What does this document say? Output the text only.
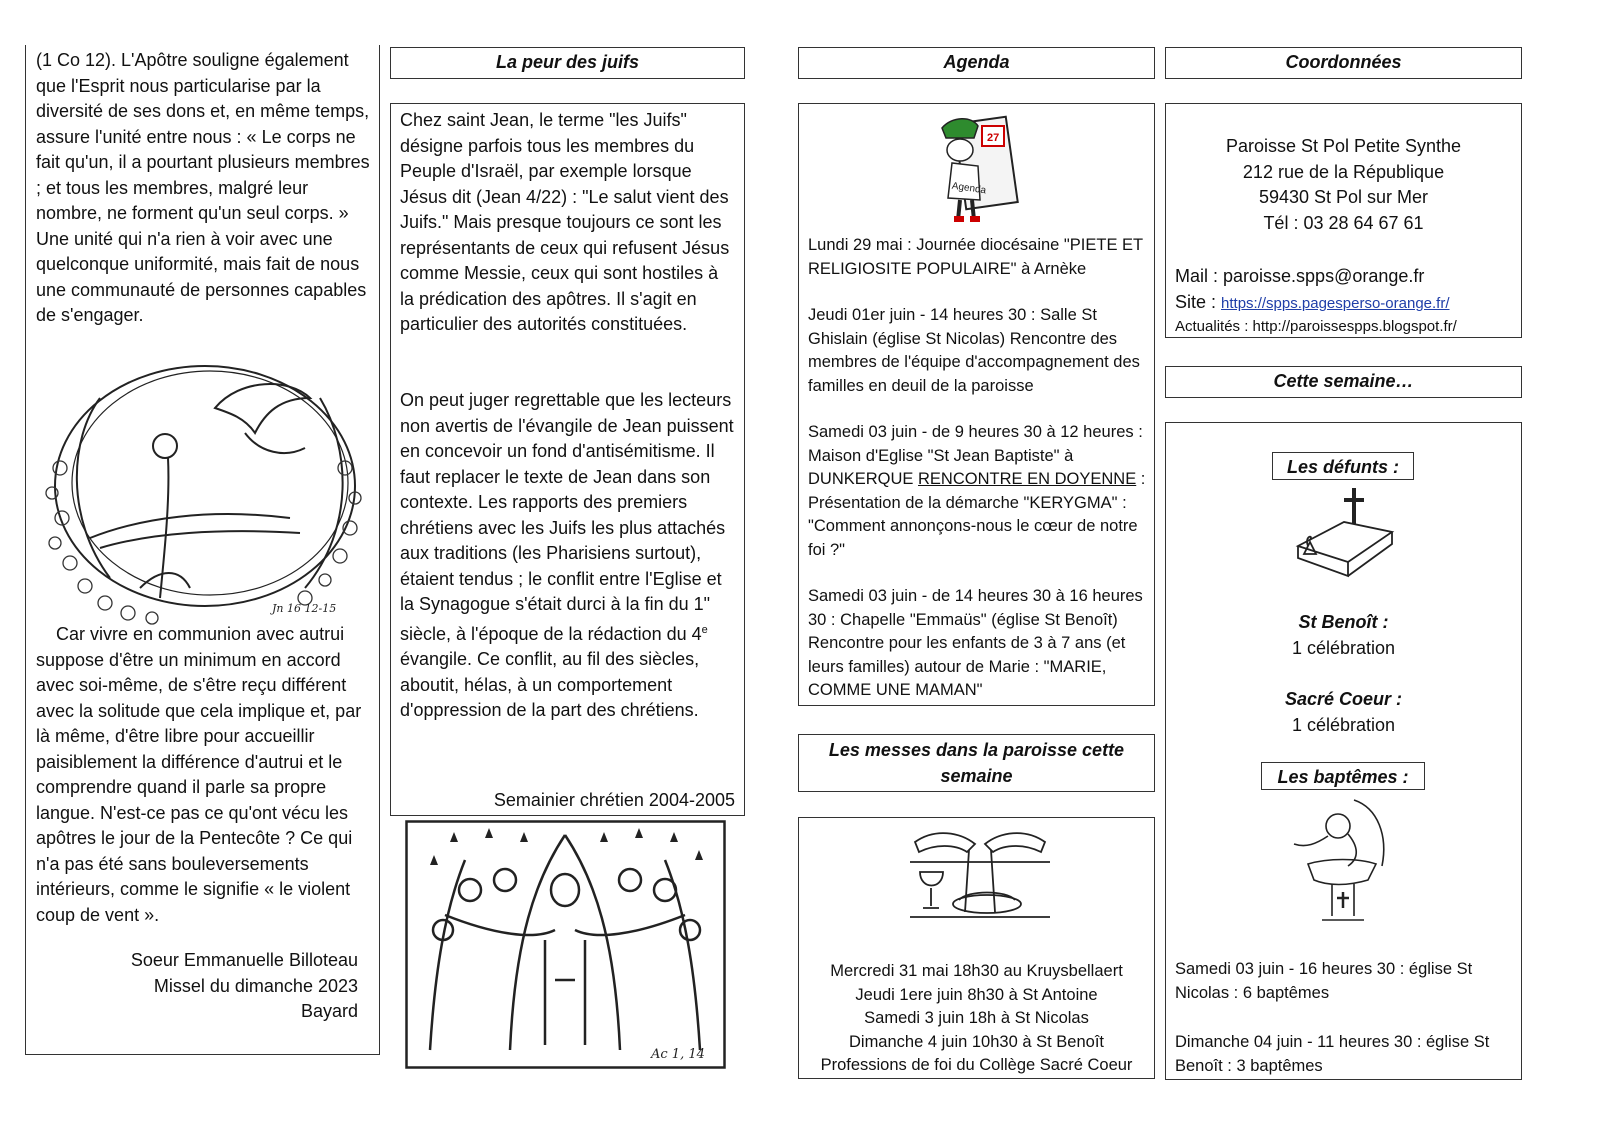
(1 Co 12). L'Apôtre souligne également que l'Esprit nous particularise par la diversité de ses dons et, en même temps, assure l'unité entre nous : « Le corps ne fait qu'un, il a pourtant plusieurs membres ; et tous les membres, malgré leur nombre, ne forment qu'un seul corps. » Une unité qui n'a rien à voir avec une quelconque uniformité, mais fait de nous une communauté de personnes capables de s'engager.
Jn 16 12-15
Car vivre en communion avec autrui suppose d'être un minimum en accord avec soi-même, de s'être reçu différent avec la solitude que cela implique et, par là même, d'être libre pour accueillir paisiblement la différence d'autrui et le comprendre quand il parle sa propre langue. N'est-ce pas ce qu'ont vécu les apôtres le jour de la Pentecôte ? Ce qui n'a pas été sans bouleversements intérieurs, comme le signifie « le violent coup de vent ».

Soeur Emmanuelle Billoteau

Missel du dimanche 2023

Bayard

La peur des juifs
Chez saint Jean, le terme "les Juifs" désigne parfois tous les membres du Peuple d'Israël, par exemple lorsque Jésus dit (Jean 4/22) : "Le salut vient des Juifs." Mais presque toujours ce sont les représentants de ceux qui refusent Jésus comme Messie, ceux qui sont hostiles à la prédication des apôtres. Il s'agit en particulier des autorités constituées.
On peut juger regrettable que les lecteurs non avertis de l'évangile de Jean puissent en concevoir un fond d'antisémitisme. Il faut replacer le texte de Jean dans son contexte. Les rapports des premiers chrétiens avec les Juifs les plus attachés aux traditions (les Pharisiens surtout), étaient tendus ; le conflit entre l'Eglise et la Synagogue s'était durci à la fin du 1" siècle, à l'époque de la rédaction du 4e évangile. Ce conflit, au fil des siècles, aboutit, hélas, à un comportement d'oppression de la part des chrétiens.
Semainier chrétien 2004-2005
Ac 1, 14
Agenda
27
Agenda

Lundi 29 mai : Journée diocésaine "PIETE ET RELIGIOSITE POPULAIRE" à Arnèke

Jeudi 01er juin - 14 heures 30 : Salle St Ghislain (église St Nicolas) Rencontre des membres de l'équipe d'accompagnement des familles en deuil de la paroisse

Samedi 03 juin - de 9 heures 30 à 12 heures : Maison d'Eglise "St Jean Baptiste" à DUNKERQUE RENCONTRE EN DOYENNE : Présentation de la démarche "KERYGMA" : "Comment annonçons-nous le cœur de notre foi ?"

Samedi 03 juin - de 14 heures 30 à 16 heures 30 : Chapelle "Emmaüs" (église St Benoît) Rencontre pour les enfants de 3 à 7 ans (et leurs familles) autour de Marie : "MARIE, COMME UNE MAMAN"

Les messes dans la paroisse cette semaine

Mercredi 31 mai 18h30 au Kruysbellaert

Jeudi 1ere juin 8h30 à St Antoine

Samedi 3 juin 18h à St Nicolas

Dimanche 4 juin 10h30 à St Benoît

Professions de foi du Collège Sacré Coeur

Coordonnées

Paroisse St Pol Petite Synthe

212 rue de la République

59430 St Pol sur Mer

Tél : 03 28 64 67 61

Mail : paroisse.spps@orange.fr
Site : https://spps.pagesperso-orange.fr/
Actualités : http://paroissespps.blogspot.fr/
Cette semaine…
Les défunts :

St Benoît :

1 célébration

Sacré Coeur :

1 célébration

Les baptêmes :

Samedi 03 juin - 16 heures 30 : église St Nicolas : 6 baptêmes

Dimanche 04 juin - 11 heures 30 : église St Benoît : 3 baptêmes
